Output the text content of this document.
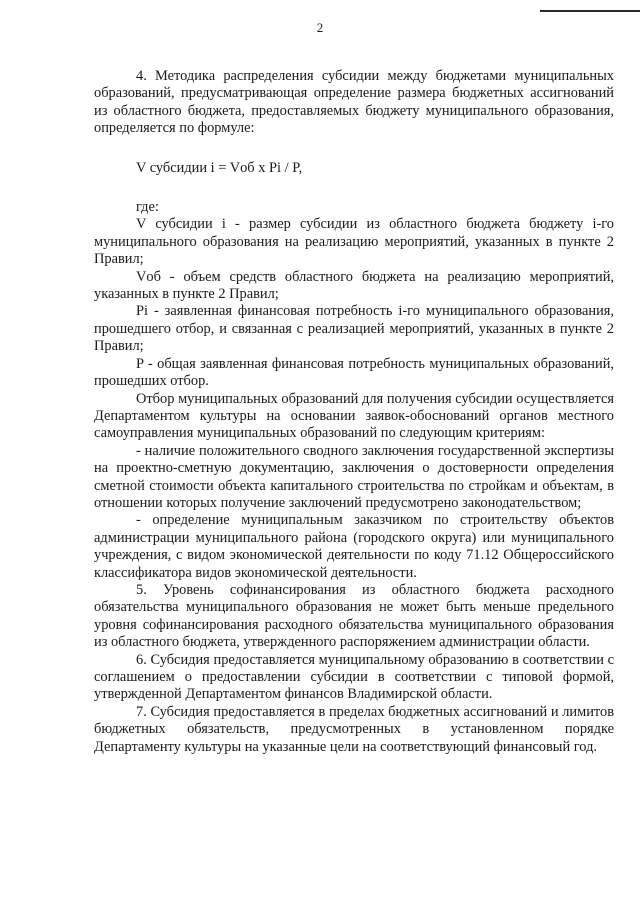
2

4. Методика распределения субсидии между бюджетами муниципальных образований, предусматривающая определение размера бюджетных ассигнований из областного бюджета, предоставляемых бюджету муниципального образования, определяется по формуле:

V субсидии i = Vоб x Pi / P,

где:

V субсидии i - размер субсидии из областного бюджета бюджету i-го муниципального образования на реализацию мероприятий, указанных в пункте 2 Правил;

Vоб - объем средств областного бюджета на реализацию мероприятий, указанных в пункте 2 Правил;

Pi - заявленная финансовая потребность i-го муниципального образования, прошедшего отбор, и связанная с реализацией мероприятий, указанных в пункте 2 Правил;

P - общая заявленная финансовая потребность муниципальных образований, прошедших отбор.

Отбор муниципальных образований для получения субсидии осуществляется Департаментом культуры на основании заявок-обоснований органов местного самоуправления муниципальных образований по следующим критериям:

- наличие положительного сводного заключения государственной экспертизы на проектно-сметную документацию, заключения о достоверности определения сметной стоимости объекта капитального строительства по стройкам и объектам, в отношении которых получение заключений предусмотрено законодательством;

- определение муниципальным заказчиком по строительству объектов администрации муниципального района (городского округа) или муниципального учреждения, с видом экономической деятельности по коду 71.12 Общероссийского классификатора видов экономической деятельности.

5. Уровень софинансирования из областного бюджета расходного обязательства муниципального образования не может быть меньше предельного уровня софинансирования расходного обязательства муниципального образования из областного бюджета, утвержденного распоряжением администрации области.

6. Субсидия предоставляется муниципальному образованию в соответствии с соглашением о предоставлении субсидии в соответствии с типовой формой, утвержденной Департаментом финансов Владимирской области.

7. Субсидия предоставляется в пределах бюджетных ассигнований и лимитов бюджетных обязательств, предусмотренных в установленном порядке Департаменту культуры на указанные цели на соответствующий финансовый год.
